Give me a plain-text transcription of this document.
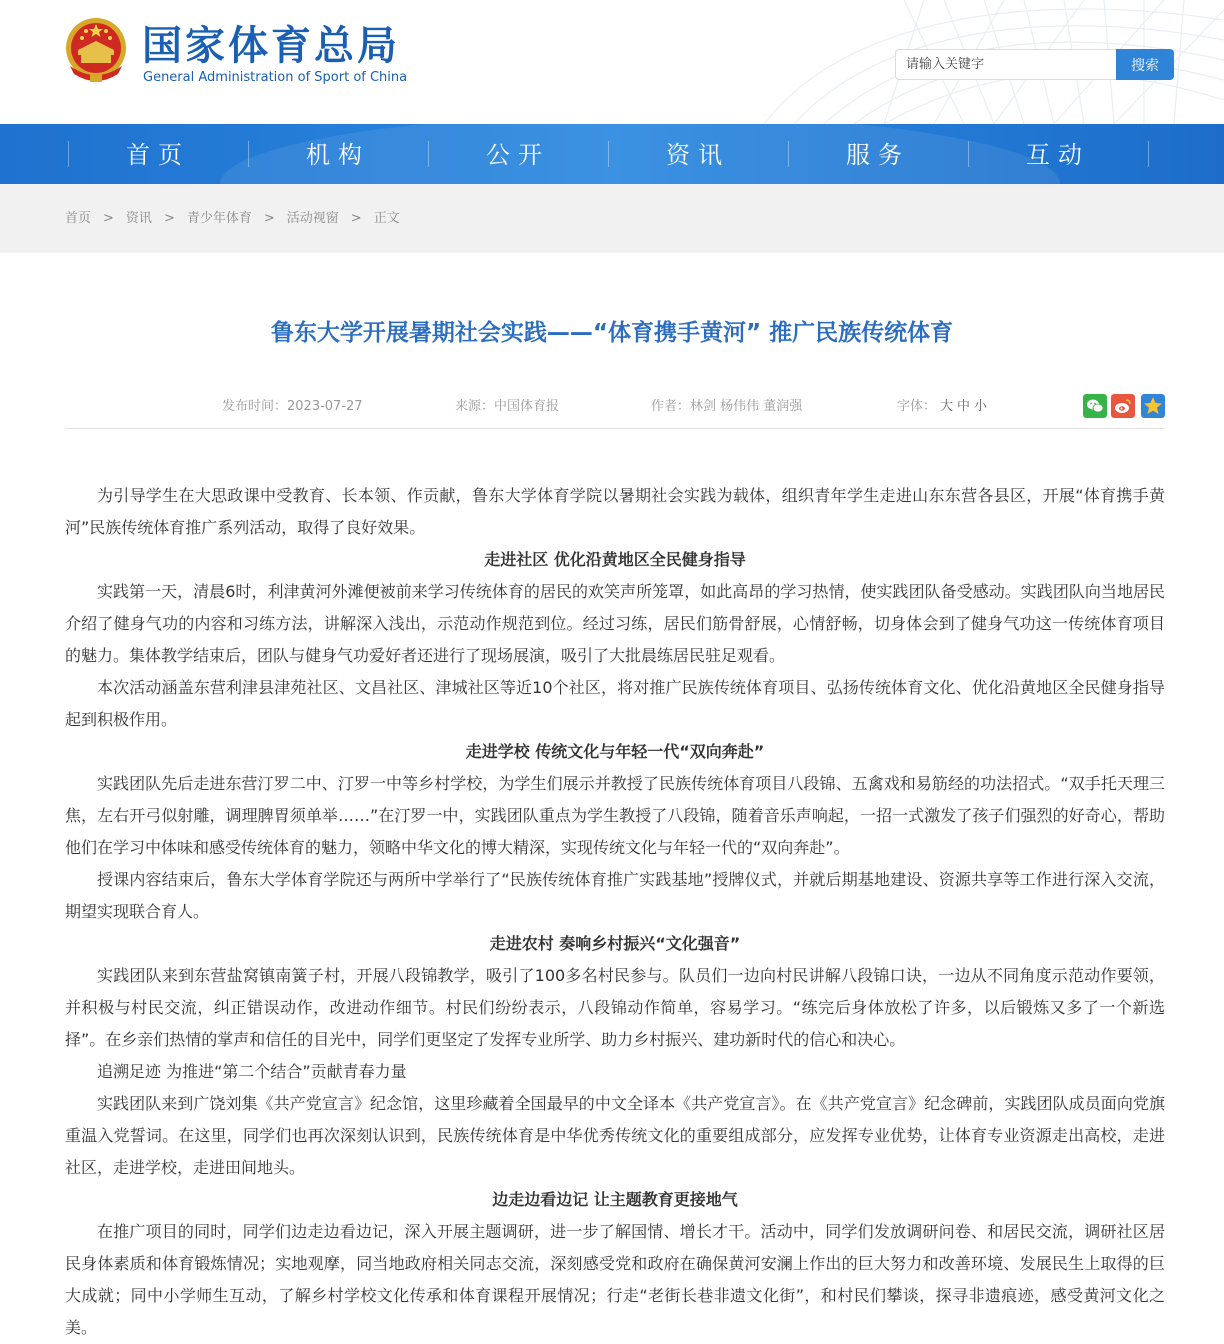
国家体育总局
General Administration of Sport of China
请输入关键字
搜索
首页	机构	公开	资讯	服务	互动
首页 > 资讯 > 青少年体育 > 活动视窗 > 正文
鲁东大学开展暑期社会实践——“体育携手黄河” 推广民族传统体育
发布时间：2023-07-27	来源：中国体育报	作者：林剑 杨伟伟 董润强	字体： 大 中 小

为引导学生在大思政课中受教育、长本领、作贡献，鲁东大学体育学院以暑期社会实践为载体，组织青年学生走进山东东营各县区，开展“体育携手黄河”民族传统体育推广系列活动，取得了良好效果。

走进社区 优化沿黄地区全民健身指导

实践第一天，清晨6时，利津黄河外滩便被前来学习传统体育的居民的欢笑声所笼罩，如此高昂的学习热情，使实践团队备受感动。实践团队向当地居民介绍了健身气功的内容和习练方法，讲解深入浅出，示范动作规范到位。经过习练，居民们筋骨舒展，心情舒畅，切身体会到了健身气功这一传统体育项目的魅力。集体教学结束后，团队与健身气功爱好者还进行了现场展演，吸引了大批晨练居民驻足观看。

本次活动涵盖东营利津县津苑社区、文昌社区、津城社区等近10个社区，将对推广民族传统体育项目、弘扬传统体育文化、优化沿黄地区全民健身指导起到积极作用。

走进学校 传统文化与年轻一代“双向奔赴”

实践团队先后走进东营汀罗二中、汀罗一中等乡村学校，为学生们展示并教授了民族传统体育项目八段锦、五禽戏和易筋经的功法招式。“双手托天理三焦，左右开弓似射雕，调理脾胃须单举……”在汀罗一中，实践团队重点为学生教授了八段锦，随着音乐声响起，一招一式激发了孩子们强烈的好奇心，帮助他们在学习中体味和感受传统体育的魅力，领略中华文化的博大精深，实现传统文化与年轻一代的“双向奔赴”。

授课内容结束后，鲁东大学体育学院还与两所中学举行了“民族传统体育推广实践基地”授牌仪式，并就后期基地建设、资源共享等工作进行深入交流，期望实现联合育人。

走进农村 奏响乡村振兴“文化强音”

实践团队来到东营盐窝镇南簧子村，开展八段锦教学，吸引了100多名村民参与。队员们一边向村民讲解八段锦口诀，一边从不同角度示范动作要领，并积极与村民交流，纠正错误动作，改进动作细节。村民们纷纷表示，八段锦动作简单，容易学习。“练完后身体放松了许多，以后锻炼又多了一个新选择”。在乡亲们热情的掌声和信任的目光中，同学们更坚定了发挥专业所学、助力乡村振兴、建功新时代的信心和决心。

追溯足迹 为推进“第二个结合”贡献青春力量

实践团队来到广饶刘集《共产党宣言》纪念馆，这里珍藏着全国最早的中文全译本《共产党宣言》。在《共产党宣言》纪念碑前，实践团队成员面向党旗重温入党誓词。在这里，同学们也再次深刻认识到，民族传统体育是中华优秀传统文化的重要组成部分，应发挥专业优势，让体育专业资源走出高校，走进社区，走进学校，走进田间地头。

边走边看边记 让主题教育更接地气

在推广项目的同时，同学们边走边看边记，深入开展主题调研，进一步了解国情、增长才干。活动中，同学们发放调研问卷、和居民交流，调研社区居民身体素质和体育锻炼情况；实地观摩，同当地政府相关同志交流，深刻感受党和政府在确保黄河安澜上作出的巨大努力和改善环境、发展民生上取得的巨大成就；同中小学师生互动，了解乡村学校文化传承和体育课程开展情况；行走“老街长巷非遗文化街”，和村民们攀谈，探寻非遗痕迹，感受黄河文化之美。
